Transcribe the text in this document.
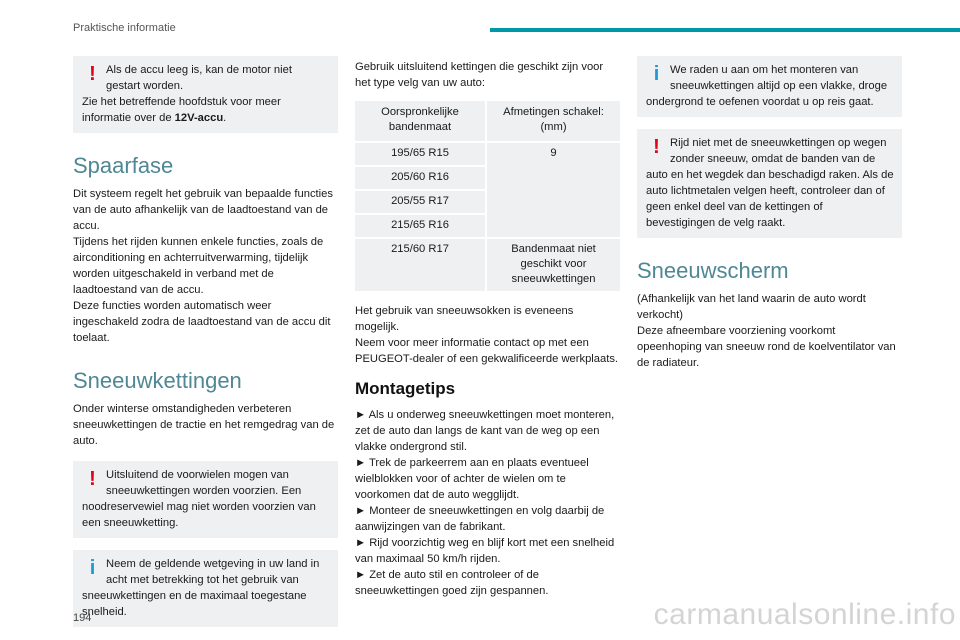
Praktische informatie
! Als de accu leeg is, kan de motor niet
gestart worden.
Zie het betreffende hoofdstuk voor meer informatie over de 12V-accu.
Spaarfase

Dit systeem regelt het gebruik van bepaalde functies van de auto afhankelijk van de laadtoestand van de accu.

Tijdens het rijden kunnen enkele functies, zoals de airconditioning en achterruitverwarming, tijdelijk worden uitgeschakeld in verband met de laadtoestand van de accu.

Deze functies worden automatisch weer ingeschakeld zodra de laadtoestand van de accu dit toelaat.

Sneeuwkettingen

Onder winterse omstandigheden verbeteren sneeuwkettingen de tractie en het remgedrag van de auto.

! Uitsluitend de voorwielen mogen van
sneeuwkettingen worden voorzien. Een
noodreservewiel mag niet worden voorzien van een sneeuwketting.
i Neem de geldende wetgeving in uw land in
acht met betrekking tot het gebruik van
sneeuwkettingen en de maximaal toegestane snelheid.

Gebruik uitsluitend kettingen die geschikt zijn voor het type velg van uw auto:

Oorspronkelijke bandenmaat	Afmetingen schakel: (mm)
195/65 R15	9
205/60 R16	
205/55 R17	
215/65 R16	
215/60 R17	Bandenmaat niet geschikt voor sneeuwkettingen

Het gebruik van sneeuwsokken is eveneens mogelijk.

Neem voor meer informatie contact op met een PEUGEOT-dealer of een gekwalificeerde werkplaats.

Montagetips

► Als u onderweg sneeuwkettingen moet monteren, zet de auto dan langs de kant van de weg op een vlakke ondergrond stil.

► Trek de parkeerrem aan en plaats eventueel wielblokken voor of achter de wielen om te voorkomen dat de auto wegglijdt.

► Monteer de sneeuwkettingen en volg daarbij de aanwijzingen van de fabrikant.

► Rijd voorzichtig weg en blijf kort met een snelheid van maximaal 50 km/h rijden.

► Zet de auto stil en controleer of de sneeuwkettingen goed zijn gespannen.

i We raden u aan om het monteren van
sneeuwkettingen altijd op een vlakke, droge
ondergrond te oefenen voordat u op reis gaat.
! Rijd niet met de sneeuwkettingen op wegen
zonder sneeuw, omdat de banden van de
auto en het wegdek dan beschadigd raken. Als de auto lichtmetalen velgen heeft, controleer dan of geen enkel deel van de kettingen of bevestigingen de velg raakt.
Sneeuwscherm

(Afhankelijk van het land waarin de auto wordt verkocht)

Deze afneembare voorziening voorkomt opeenhoping van sneeuw rond de koelventilator van de radiateur.

194	carmanualsonline.info
